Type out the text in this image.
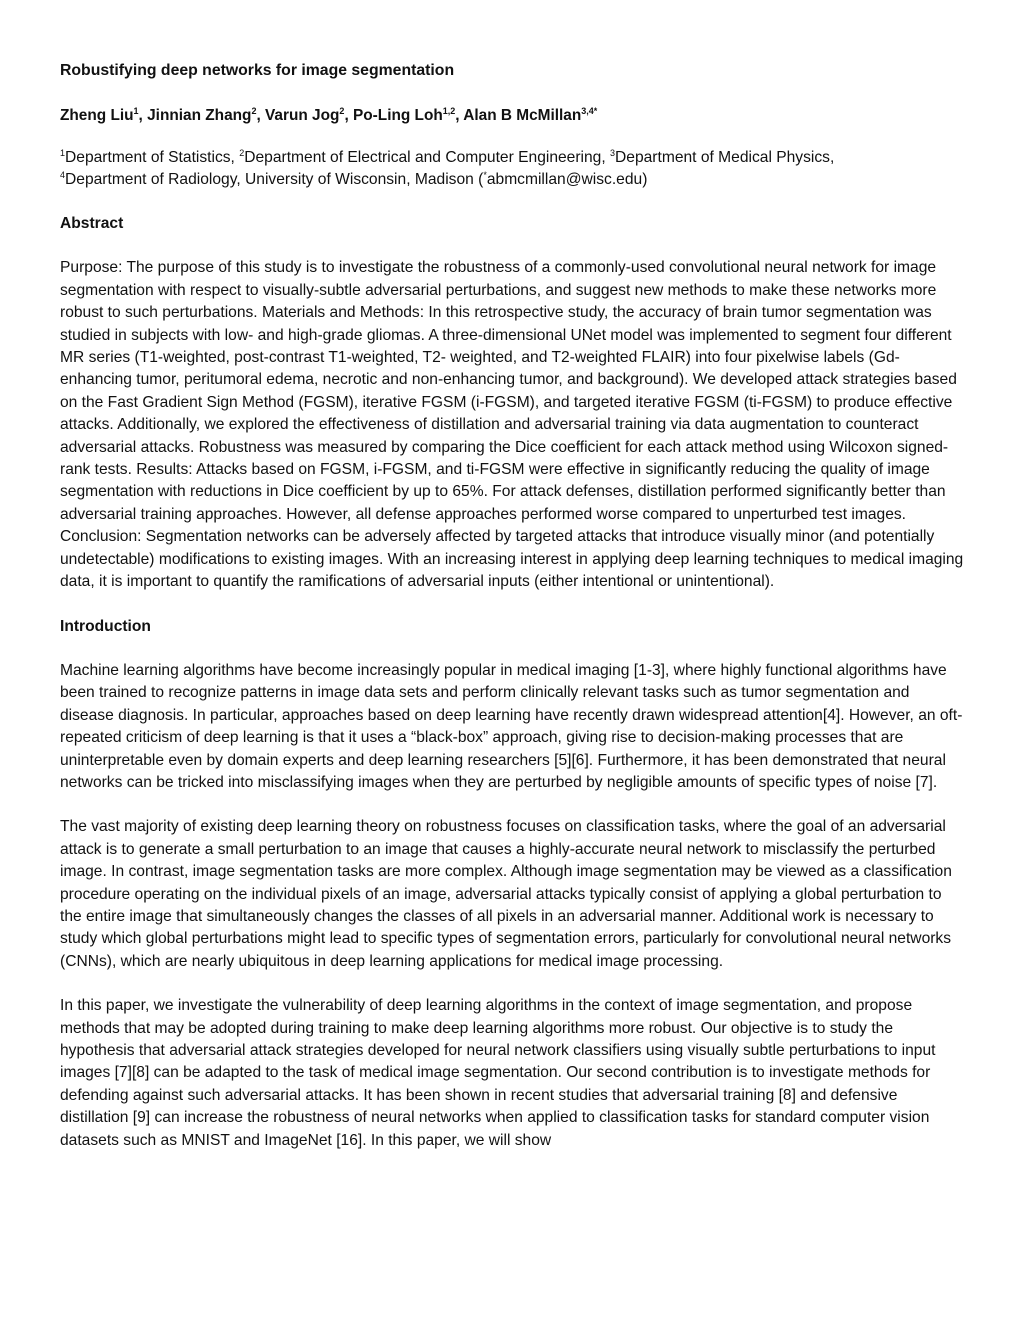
Robustifying deep networks for image segmentation
Zheng Liu$^1$, Jinnian Zhang$^2$, Varun Jog$^2$, Po-Ling Loh$^{1,2}$, Alan B McMillan$^{3,4*}$
$^1$Department of Statistics, $^2$Department of Electrical and Computer Engineering, $^3$Department of Medical Physics,
$^4$Department of Radiology, University of Wisconsin, Madison (*abmcmillan@wisc.edu)
Abstract

Purpose: The purpose of this study is to investigate the robustness of a commonly-used convolutional neural network for image segmentation with respect to visually-subtle adversarial perturbations, and suggest new methods to make these networks more robust to such perturbations. Materials and Methods: In this retrospective study, the accuracy of brain tumor segmentation was studied in subjects with low- and high-grade gliomas. A three-dimensional UNet model was implemented to segment four different MR series (T1-weighted, post-contrast T1-weighted, T2- weighted, and T2-weighted FLAIR) into four pixelwise labels (Gd-enhancing tumor, peritumoral edema, necrotic and non-enhancing tumor, and background). We developed attack strategies based on the Fast Gradient Sign Method (FGSM), iterative FGSM (i-FGSM), and targeted iterative FGSM (ti-FGSM) to produce effective attacks. Additionally, we explored the effectiveness of distillation and adversarial training via data augmentation to counteract adversarial attacks. Robustness was measured by comparing the Dice coefficient for each attack method using Wilcoxon signed-rank tests. Results: Attacks based on FGSM, i-FGSM, and ti-FGSM were effective in significantly reducing the quality of image segmentation with reductions in Dice coefficient by up to 65%. For attack defenses, distillation performed significantly better than adversarial training approaches. However, all defense approaches performed worse compared to unperturbed test images. Conclusion: Segmentation networks can be adversely affected by targeted attacks that introduce visually minor (and potentially undetectable) modifications to existing images. With an increasing interest in applying deep learning techniques to medical imaging data, it is important to quantify the ramifications of adversarial inputs (either intentional or unintentional).

Introduction

Machine learning algorithms have become increasingly popular in medical imaging [1-3], where highly functional algorithms have been trained to recognize patterns in image data sets and perform clinically relevant tasks such as tumor segmentation and disease diagnosis. In particular, approaches based on deep learning have recently drawn widespread attention[4]. However, an oft-repeated criticism of deep learning is that it uses a “black-box” approach, giving rise to decision-making processes that are uninterpretable even by domain experts and deep learning researchers [5][6]. Furthermore, it has been demonstrated that neural networks can be tricked into misclassifying images when they are perturbed by negligible amounts of specific types of noise [7].

The vast majority of existing deep learning theory on robustness focuses on classification tasks, where the goal of an adversarial attack is to generate a small perturbation to an image that causes a highly-accurate neural network to misclassify the perturbed image. In contrast, image segmentation tasks are more complex. Although image segmentation may be viewed as a classification procedure operating on the individual pixels of an image, adversarial attacks typically consist of applying a global perturbation to the entire image that simultaneously changes the classes of all pixels in an adversarial manner. Additional work is necessary to study which global perturbations might lead to specific types of segmentation errors, particularly for convolutional neural networks (CNNs), which are nearly ubiquitous in deep learning applications for medical image processing.

In this paper, we investigate the vulnerability of deep learning algorithms in the context of image segmentation, and propose methods that may be adopted during training to make deep learning algorithms more robust. Our objective is to study the hypothesis that adversarial attack strategies developed for neural network classifiers using visually subtle perturbations to input images [7][8] can be adapted to the task of medical image segmentation. Our second contribution is to investigate methods for defending against such adversarial attacks. It has been shown in recent studies that adversarial training [8] and defensive distillation [9] can increase the robustness of neural networks when applied to classification tasks for standard computer vision datasets such as MNIST and ImageNet [16]. In this paper, we will show
